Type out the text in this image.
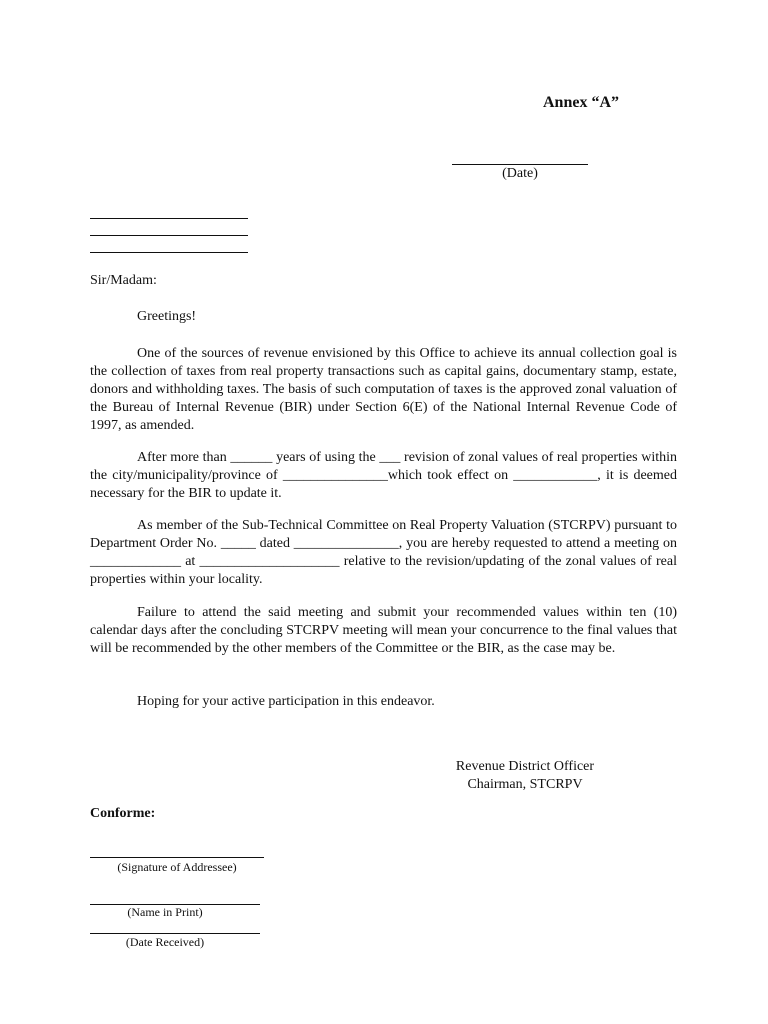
Annex “A”
(Date)
Sir/Madam:
Greetings!

One of the sources of revenue envisioned by this Office to achieve its annual collection goal is the collection of taxes from real property transactions such as capital gains, documentary stamp, estate, donors and withholding taxes. The basis of such computation of taxes is the approved zonal valuation of the Bureau of Internal Revenue (BIR) under Section 6(E) of the National Internal Revenue Code of 1997, as amended.

After more than ______ years of using the ___ revision of zonal values of real properties within the city/municipality/province of _______________which took effect on ____________, it is deemed necessary for the BIR to update it.

As member of the Sub-Technical Committee on Real Property Valuation (STCRPV) pursuant to Department Order No. _____ dated _______________, you are hereby requested to attend a meeting on _____________ at ____________________ relative to the revision/updating of the zonal values of real properties within your locality.

Failure to attend the said meeting and submit your recommended values within ten (10) calendar days after the concluding STCRPV meeting will mean your concurrence to the final values that will be recommended by the other members of the Committee or the BIR, as the case may be.

Hoping for your active participation in this endeavor.

Revenue District Officer
Chairman, STCRPV
Conforme:
(Signature of Addressee)
(Name in Print)
(Date Received)
